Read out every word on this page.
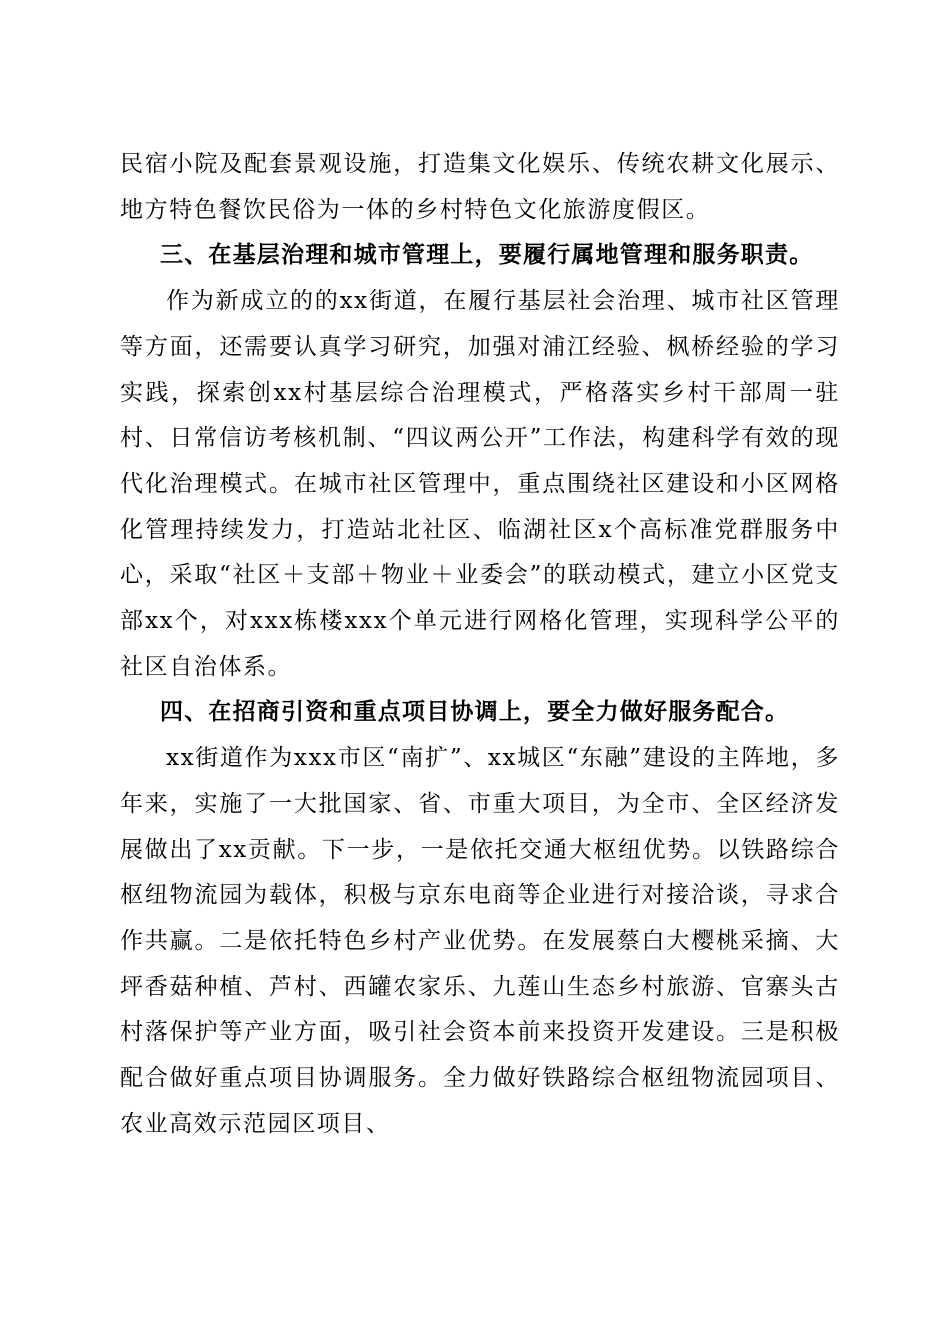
民宿小院及配套景观设施，打造集文化娱乐、传统农耕文化展示、地方特色餐饮民俗为一体的乡村特色文化旅游度假区。

三、在基层治理和城市管理上，要履行属地管理和服务职责。

作为新成立的的xx街道，在履行基层社会治理、城市社区管理等方面，还需要认真学习研究，加强对浦江经验、枫桥经验的学习实践，探索创xx村基层综合治理模式，严格落实乡村干部周一驻村、日常信访考核机制、“四议两公开”工作法，构建科学有效的现代化治理模式。在城市社区管理中，重点围绕社区建设和小区网格化管理持续发力，打造站北社区、临湖社区x个高标准党群服务中心，采取“社区＋支部＋物业＋业委会”的联动模式，建立小区党支部xx个，对xxx栋楼xxx个单元进行网格化管理，实现科学公平的社区自治体系。

四、在招商引资和重点项目协调上，要全力做好服务配合。

xx街道作为xxx市区“南扩”、xx城区“东融”建设的主阵地，多年来，实施了一大批国家、省、市重大项目，为全市、全区经济发展做出了xx贡献。下一步，一是依托交通大枢纽优势。以铁路综合枢纽物流园为载体，积极与京东电商等企业进行对接洽谈，寻求合作共赢。二是依托特色乡村产业优势。在发展蔡白大樱桃采摘、大坪香菇种植、芦村、西罐农家乐、九莲山生态乡村旅游、官寨头古村落保护等产业方面，吸引社会资本前来投资开发建设。三是积极配合做好重点项目协调服务。全力做好铁路综合枢纽物流园项目、农业高效示范园区项目、
